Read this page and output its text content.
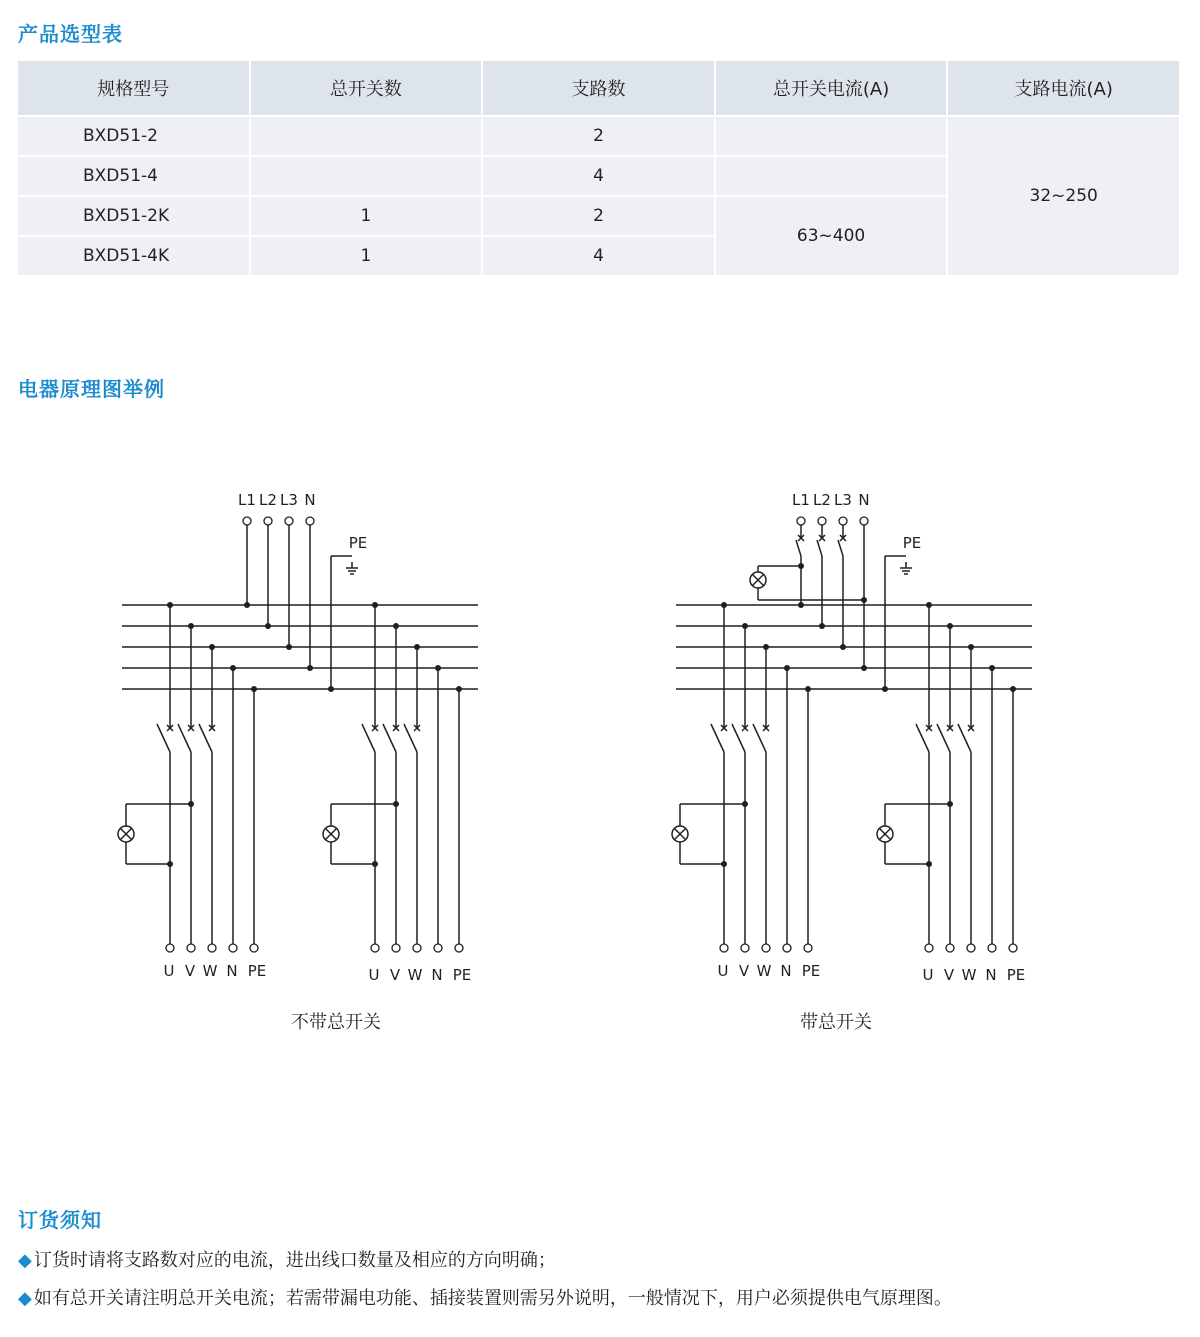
产品选型表
规格型号	总开关数	支路数	总开关电流(A)	支路电流(A)
BXD51-2		2		32~250
BXD51-4		4		
BXD51-2K	1	2	63~400	
BXD51-4K	1	4		
电器原理图举例
L1 L2 L3 N
PE
U V W N PE	U V W N PE
L1 L2 L3 N
PE
U V W N PE	U V W N PE
不带总开关	带总开关
订货须知
◆ 订货时请将支路数对应的电流，进出线口数量及相应的方向明确；
◆ 如有总开关请注明总开关电流；若需带漏电功能、插接装置则需另外说明，一般情况下，用户必须提供电气原理图。
